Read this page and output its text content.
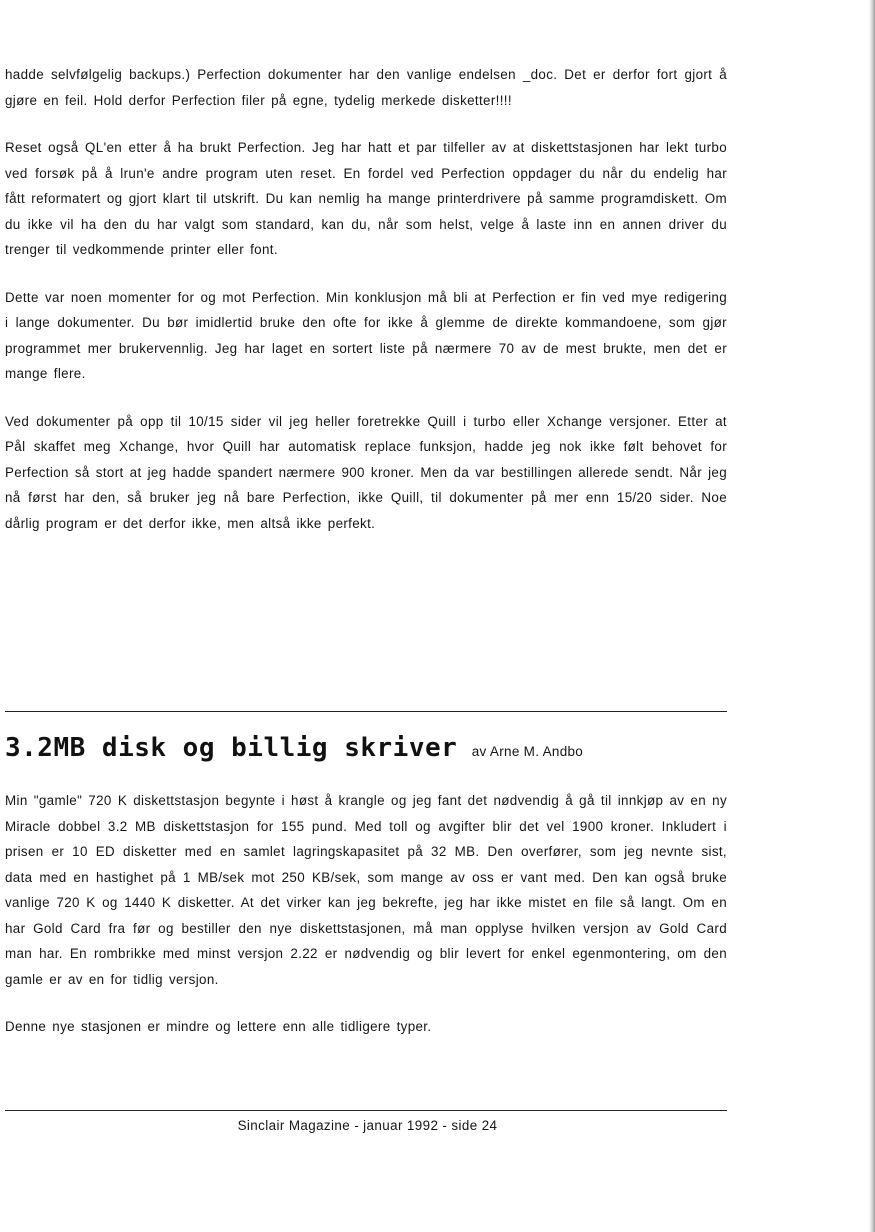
hadde selvfølgelig backups.) Perfection dokumenter har den vanlige endelsen _doc. Det er derfor fort gjort å gjøre en feil. Hold derfor Perfection filer på egne, tydelig merkede disketter!!!!

Reset også QL'en etter å ha brukt Perfection. Jeg har hatt et par tilfeller av at diskettstasjonen har lekt turbo ved forsøk på å lrun'e andre program uten reset. En fordel ved Perfection oppdager du når du endelig har fått reformatert og gjort klart til utskrift. Du kan nemlig ha mange printerdrivere på samme programdiskett. Om du ikke vil ha den du har valgt som standard, kan du, når som helst, velge å laste inn en annen driver du trenger til vedkommende printer eller font.

Dette var noen momenter for og mot Perfection. Min konklusjon må bli at Perfection er fin ved mye redigering i lange dokumenter. Du bør imidlertid bruke den ofte for ikke å glemme de direkte kommandoene, som gjør programmet mer brukervennlig. Jeg har laget en sortert liste på nærmere 70 av de mest brukte, men det er mange flere.

Ved dokumenter på opp til 10/15 sider vil jeg heller foretrekke Quill i turbo eller Xchange versjoner. Etter at Pål skaffet meg Xchange, hvor Quill har automatisk replace funksjon, hadde jeg nok ikke følt behovet for Perfection så stort at jeg hadde spandert nærmere 900 kroner. Men da var bestillingen allerede sendt. Når jeg nå først har den, så bruker jeg nå bare Perfection, ikke Quill, til dokumenter på mer enn 15/20 sider. Noe dårlig program er det derfor ikke, men altså ikke perfekt.

3.2MB disk og billig skriver av Arne M. Andbo

Min "gamle" 720 K diskettstasjon begynte i høst å krangle og jeg fant det nødvendig å gå til innkjøp av en ny Miracle dobbel 3.2 MB diskettstasjon for 155 pund. Med toll og avgifter blir det vel 1900 kroner. Inkludert i prisen er 10 ED disketter med en samlet lagringskapasitet på 32 MB. Den overfører, som jeg nevnte sist, data med en hastighet på 1 MB/sek mot 250 KB/sek, som mange av oss er vant med. Den kan også bruke vanlige 720 K og 1440 K disketter. At det virker kan jeg bekrefte, jeg har ikke mistet en file så langt. Om en har Gold Card fra før og bestiller den nye diskettstasjonen, må man opplyse hvilken versjon av Gold Card man har. En rombrikke med minst versjon 2.22 er nødvendig og blir levert for enkel egenmontering, om den gamle er av en for tidlig versjon.

Denne nye stasjonen er mindre og lettere enn alle tidligere typer.

Sinclair Magazine - januar 1992 - side 24
